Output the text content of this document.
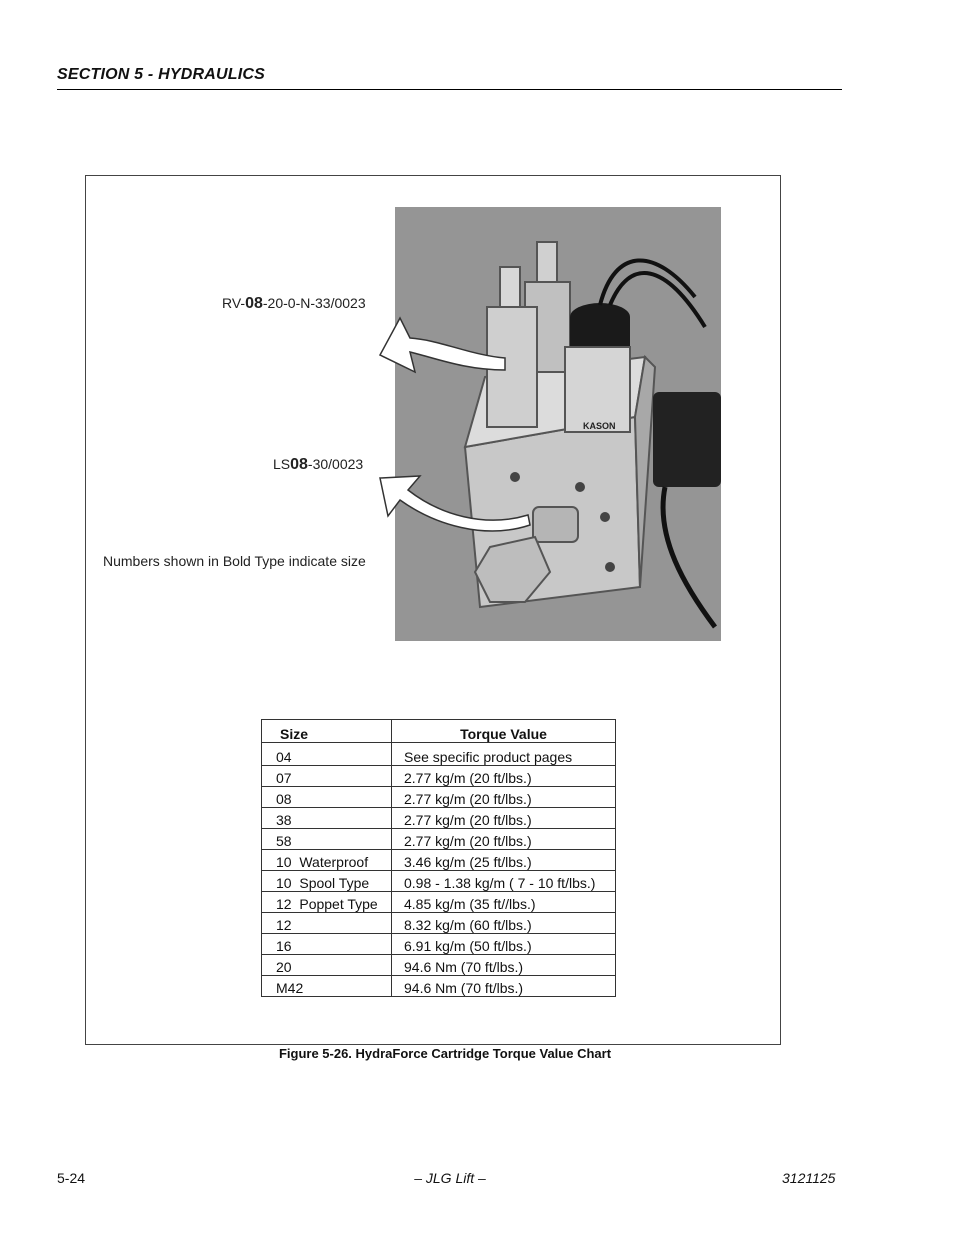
SECTION 5 - HYDRAULICS
KASON
RV-08-20-0-N-33/0023
LS08-30/0023
Numbers shown in Bold Type indicate size
Size	Torque Value
04	See specific product pages
07	2.77 kg/m (20 ft/lbs.)
08	2.77 kg/m (20 ft/lbs.)
38	2.77 kg/m (20 ft/lbs.)
58	2.77 kg/m (20 ft/lbs.)
10  Waterproof	3.46 kg/m (25 ft/lbs.)
10  Spool Type	0.98 - 1.38 kg/m ( 7 - 10 ft/lbs.)
12  Poppet Type	4.85 kg/m (35 ft//lbs.)
12	8.32 kg/m (60 ft/lbs.)
16	6.91 kg/m (50 ft/lbs.)
20	94.6 Nm (70 ft/lbs.)
M42	94.6 Nm (70 ft/lbs.)
Figure 5-26. HydraForce Cartridge Torque Value Chart
5-24	– JLG Lift –	3121125
